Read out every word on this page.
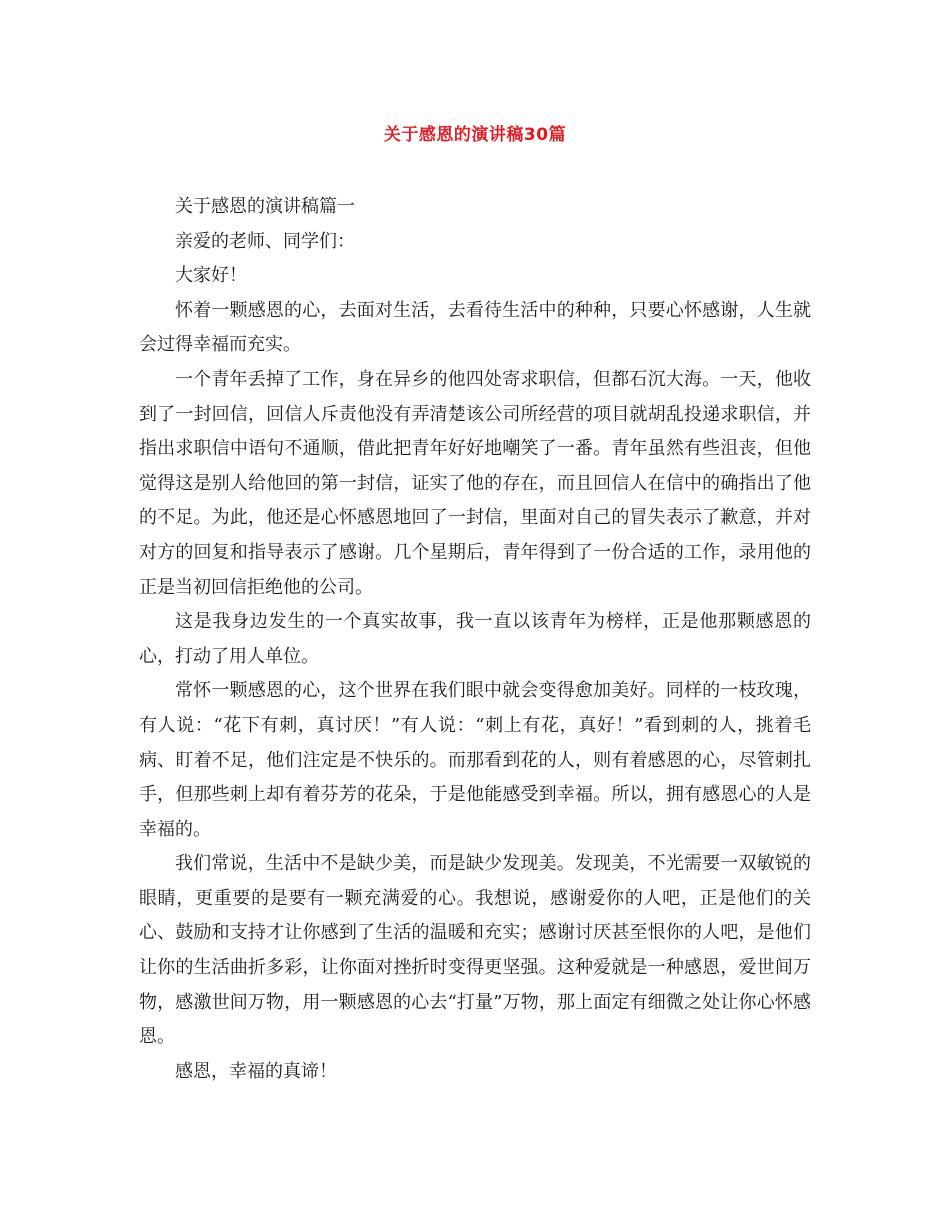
关于感恩的演讲稿30篇

关于感恩的演讲稿篇一

亲爱的老师、同学们：

大家好！

怀着一颗感恩的心，去面对生活，去看待生活中的种种，只要心怀感谢，人生就会过得幸福而充实。

一个青年丢掉了工作，身在异乡的他四处寄求职信，但都石沉大海。一天，他收到了一封回信，回信人斥责他没有弄清楚该公司所经营的项目就胡乱投递求职信，并指出求职信中语句不通顺，借此把青年好好地嘲笑了一番。青年虽然有些沮丧，但他觉得这是别人给他回的第一封信，证实了他的存在，而且回信人在信中的确指出了他的不足。为此，他还是心怀感恩地回了一封信，里面对自己的冒失表示了歉意，并对对方的回复和指导表示了感谢。几个星期后，青年得到了一份合适的工作，录用他的正是当初回信拒绝他的公司。

这是我身边发生的一个真实故事，我一直以该青年为榜样，正是他那颗感恩的心，打动了用人单位。

常怀一颗感恩的心，这个世界在我们眼中就会变得愈加美好。同样的一枝玫瑰，有人说：“花下有刺，真讨厌！”有人说：“刺上有花，真好！”看到刺的人，挑着毛病、盯着不足，他们注定是不快乐的。而那看到花的人，则有着感恩的心，尽管刺扎手，但那些刺上却有着芬芳的花朵，于是他能感受到幸福。所以，拥有感恩心的人是幸福的。

我们常说，生活中不是缺少美，而是缺少发现美。发现美，不光需要一双敏锐的眼睛，更重要的是要有一颗充满爱的心。我想说，感谢爱你的人吧，正是他们的关心、鼓励和支持才让你感到了生活的温暖和充实；感谢讨厌甚至恨你的人吧，是他们让你的生活曲折多彩，让你面对挫折时变得更坚强。这种爱就是一种感恩，爱世间万物，感激世间万物，用一颗感恩的心去“打量”万物，那上面定有细微之处让你心怀感恩。

感恩，幸福的真谛！
